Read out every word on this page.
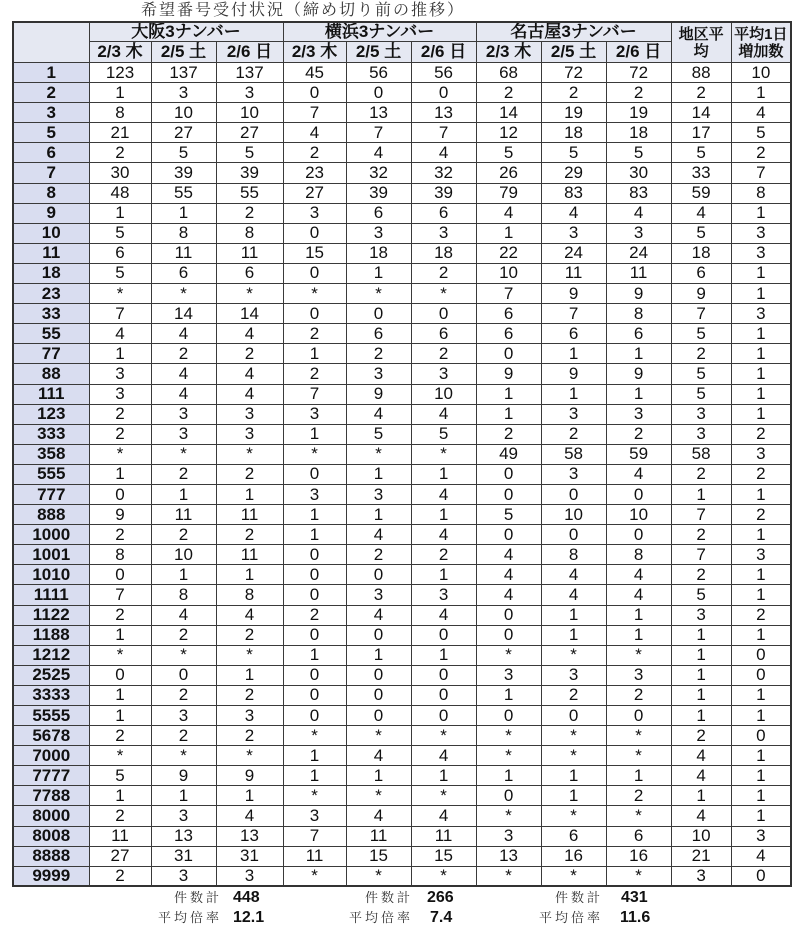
希望番号受付状況（締め切り前の推移）
	大阪3ナンバー			横浜3ナンバー			名古屋3ナンバー			地区平均	平均1日増加数
	2/3 木	2/5 土	2/6 日	2/3 木	2/5 土	2/6 日	2/3 木	2/5 土	2/6 日		
1	123	137	137	45	56	56	68	72	72	88	10
2	1	3	3	0	0	0	2	2	2	2	1
3	8	10	10	7	13	13	14	19	19	14	4
5	21	27	27	4	7	7	12	18	18	17	5
6	2	5	5	2	4	4	5	5	5	5	2
7	30	39	39	23	32	32	26	29	30	33	7
8	48	55	55	27	39	39	79	83	83	59	8
9	1	1	2	3	6	6	4	4	4	4	1
10	5	8	8	0	3	3	1	3	3	5	3
11	6	11	11	15	18	18	22	24	24	18	3
18	5	6	6	0	1	2	10	11	11	6	1
23	*	*	*	*	*	*	7	9	9	9	1
33	7	14	14	0	0	0	6	7	8	7	3
55	4	4	4	2	6	6	6	6	6	5	1
77	1	2	2	1	2	2	0	1	1	2	1
88	3	4	4	2	3	3	9	9	9	5	1
111	3	4	4	7	9	10	1	1	1	5	1
123	2	3	3	3	4	4	1	3	3	3	1
333	2	3	3	1	5	5	2	2	2	3	2
358	*	*	*	*	*	*	49	58	59	58	3
555	1	2	2	0	1	1	0	3	4	2	2
777	0	1	1	3	3	4	0	0	0	1	1
888	9	11	11	1	1	1	5	10	10	7	2
1000	2	2	2	1	4	4	0	0	0	2	1
1001	8	10	11	0	2	2	4	8	8	7	3
1010	0	1	1	0	0	1	4	4	4	2	1
1111	7	8	8	0	3	3	4	4	4	5	1
1122	2	4	4	2	4	4	0	1	1	3	2
1188	1	2	2	0	0	0	0	1	1	1	1
1212	*	*	*	1	1	1	*	*	*	1	0
2525	0	0	1	0	0	0	3	3	3	1	0
3333	1	2	2	0	0	0	1	2	2	1	1
5555	1	3	3	0	0	0	0	0	0	1	1
5678	2	2	2	*	*	*	*	*	*	2	0
7000	*	*	*	1	4	4	*	*	*	4	1
7777	5	9	9	1	1	1	1	1	1	4	1
7788	1	1	1	*	*	*	0	1	2	1	1
8000	2	3	4	3	4	4	*	*	*	4	1
8008	11	13	13	7	11	11	3	6	6	10	3
8888	27	31	31	11	15	15	13	16	16	21	4
9999	2	3	3	*	*	*	*	*	*	3	0
件数計 448
平均倍率 12.1
件数計 266
平均倍率 7.4
件数計 431
平均倍率 11.6
